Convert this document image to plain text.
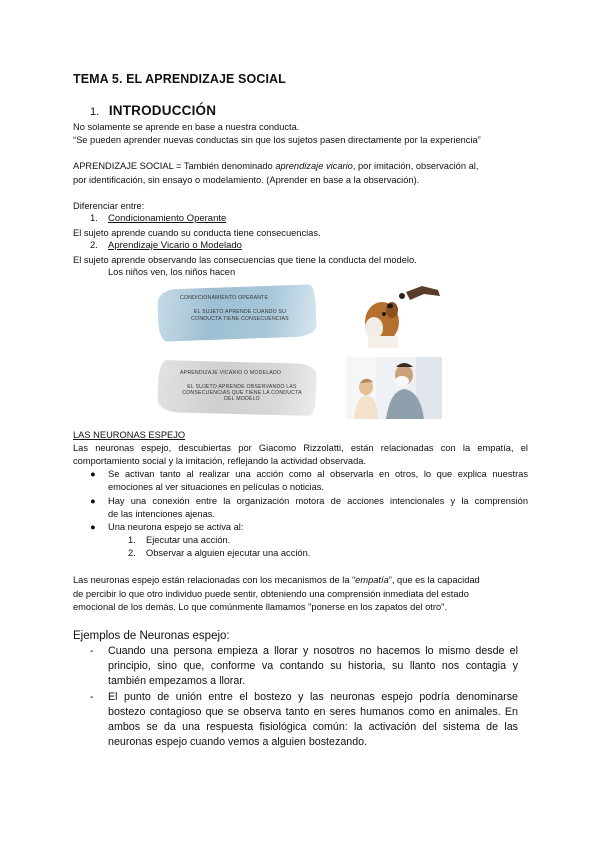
TEMA 5. EL APRENDIZAJE SOCIAL
1. INTRODUCCIÓN
No solamente se aprende en base a nuestra conducta.
“Se pueden aprender nuevas conductas sin que los sujetos pasen directamente por la experiencia”
APRENDIZAJE SOCIAL = También denominado aprendizaje vicario, por imitación, observación al,
por identificación, sin ensayo o modelamiento. (Aprender en base a la observación).
Diferenciar entre:
1. Condicionamiento Operante
El sujeto aprende cuando su conducta tiene consecuencias.
2. Aprendizaje Vicario o Modelado
El sujeto aprende observando las consecuencias que tiene la conducta del modelo.
Los niños ven, los niños hacen
CONDICIONAMIENTO OPERANTE
EL SUJETO APRENDE CUANDO SU
CONDUCTA TIENE CONSECUENCIAS
APRENDIZAJE VICARIO O MODELADO
EL SUJETO APRENDE OBSERVANDO LAS
CONSECUENCIAS QUE TIENE LA CONDUCTA
DEL MODELO
LAS NEURONAS ESPEJO
Las neuronas espejo, descubiertas por Giacomo Rizzolatti, están relacionadas con la empatía, el
comportamiento social y la imitación, reflejando la actividad observada.
● Se activan tanto al realizar una acción como al observarla en otros, lo que explica nuestras
emociones al ver situaciones en películas o noticias.
● Hay una conexión entre la organización motora de acciones intencionales y la comprensión
de las intenciones ajenas.
● Una neurona espejo se activa al:
1. Ejecutar una acción.
2. Observar a alguien ejecutar una acción.
Las neuronas espejo están relacionadas con los mecanismos de la “empatía”, que es la capacidad
de percibir lo que otro individuo puede sentir, obteniendo una comprensión inmediata del estado
emocional de los demás. Lo que comúnmente llamamos "ponerse en los zapatos del otro".
Ejemplos de Neuronas espejo:
- Cuando una persona empieza a llorar y nosotros no hacemos lo mismo desde el
principio, sino que, conforme va contando su historia, su llanto nos contagia y
también empezamos a llorar.
- El punto de unión entre el bostezo y las neuronas espejo podría denominarse
bostezo contagioso que se observa tanto en seres humanos como en animales. En
ambos se da una respuesta fisiológica común: la activación del sistema de las
neuronas espejo cuando vemos a alguien bostezando.
